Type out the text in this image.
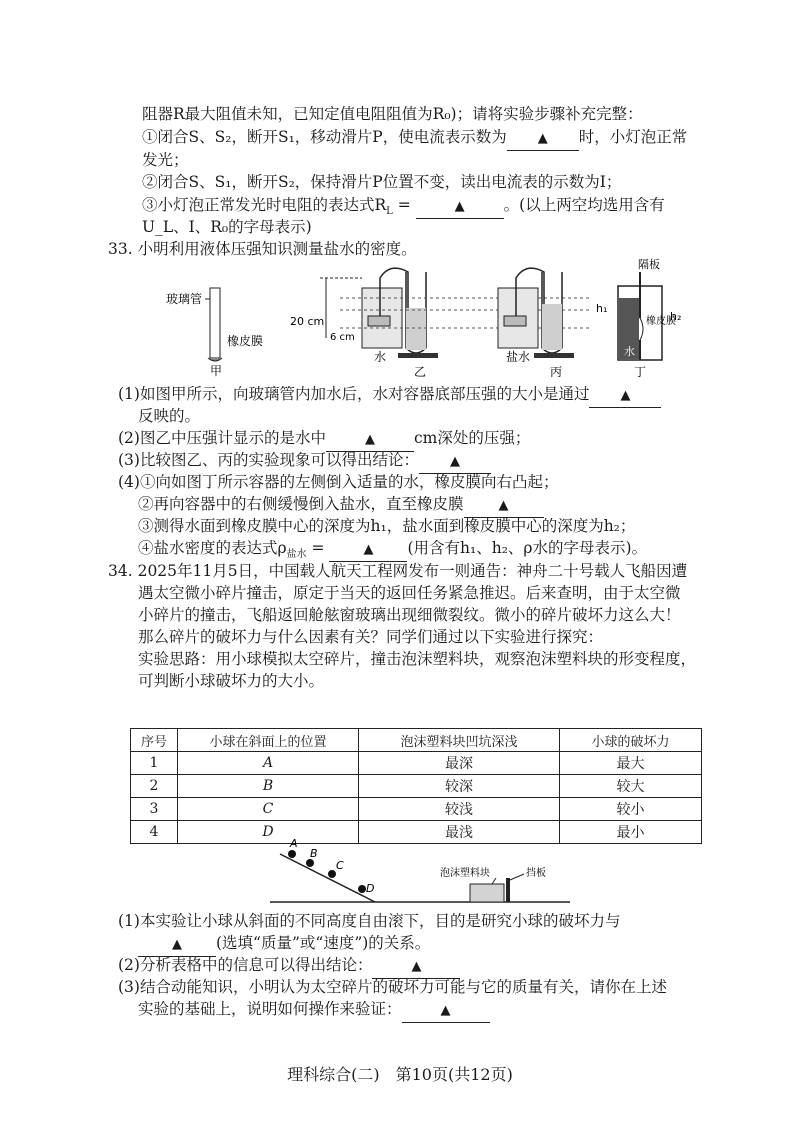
阻器R最大阻值未知，已知定值电阻阻值为R₀)；请将实验步骤补充完整：
①闭合S、S₂，断开S₁，移动滑片P，使电流表示数为 ▲ 时，小灯泡正常
发光；
②闭合S、S₁，断开S₂，保持滑片P位置不变，读出电流表的示数为I；
③小灯泡正常发光时电阻的表达式$R_L$ =	▲	。(以上两空均选用含有
U_L、I、R₀的字母表示)
33. 小明利用液体压强知识测量盐水的密度。
玻璃管
橡皮膜
甲
20 cm
6 cm
水
乙
盐水
丙
隔板
h₁
h₂
橡皮膜
水
丁
(1)如图甲所示，向玻璃管内加水后，水对容器底部压强的大小是通过 ▲
反映的。
(2)图乙中压强计显示的是水中	▲	cm深处的压强；
(3)比较图乙、丙的实验现象可以得出结论： ▲
(4)①向如图丁所示容器的左侧倒入适量的水，橡皮膜向右凸起；
②再向容器中的右侧缓慢倒入盐水，直至橡皮膜	▲
③测得水面到橡皮膜中心的深度为h₁，盐水面到橡皮膜中心的深度为h₂；
④盐水密度的表达式$\rho_{盐水}$ =	▲ (用含有h₁、h₂、ρ水的字母表示)。
34. 2025年11月5日，中国载人航天工程网发布一则通告：神舟二十号载人飞船因遭
遇太空微小碎片撞击，原定于当天的返回任务紧急推迟。后来查明，由于太空微
小碎片的撞击，飞船返回舱舷窗玻璃出现细微裂纹。微小的碎片破坏力这么大！
那么碎片的破坏力与什么因素有关？同学们通过以下实验进行探究：
实验思路：用小球模拟太空碎片，撞击泡沫塑料块，观察泡沫塑料块的形变程度，
可判断小球破坏力的大小。
序号	小球在斜面上的位置	泡沫塑料块凹坑深浅	小球的破坏力
1	A	最深	最大
2	B	较深	较大
3	C	较浅	较小
4	D	最浅	最小
A
B
C
D
泡沫塑料块	挡板
(1)本实验让小球从斜面的不同高度自由滚下，目的是研究小球的破坏力与
▲ (选填“质量”或“速度”)的关系。
(2)分析表格中的信息可以得出结论：	▲
(3)结合动能知识，小明认为太空碎片的破坏力可能与它的质量有关，请你在上述
实验的基础上，说明如何操作来验证：	▲
理科综合(二)　第10页(共12页)
